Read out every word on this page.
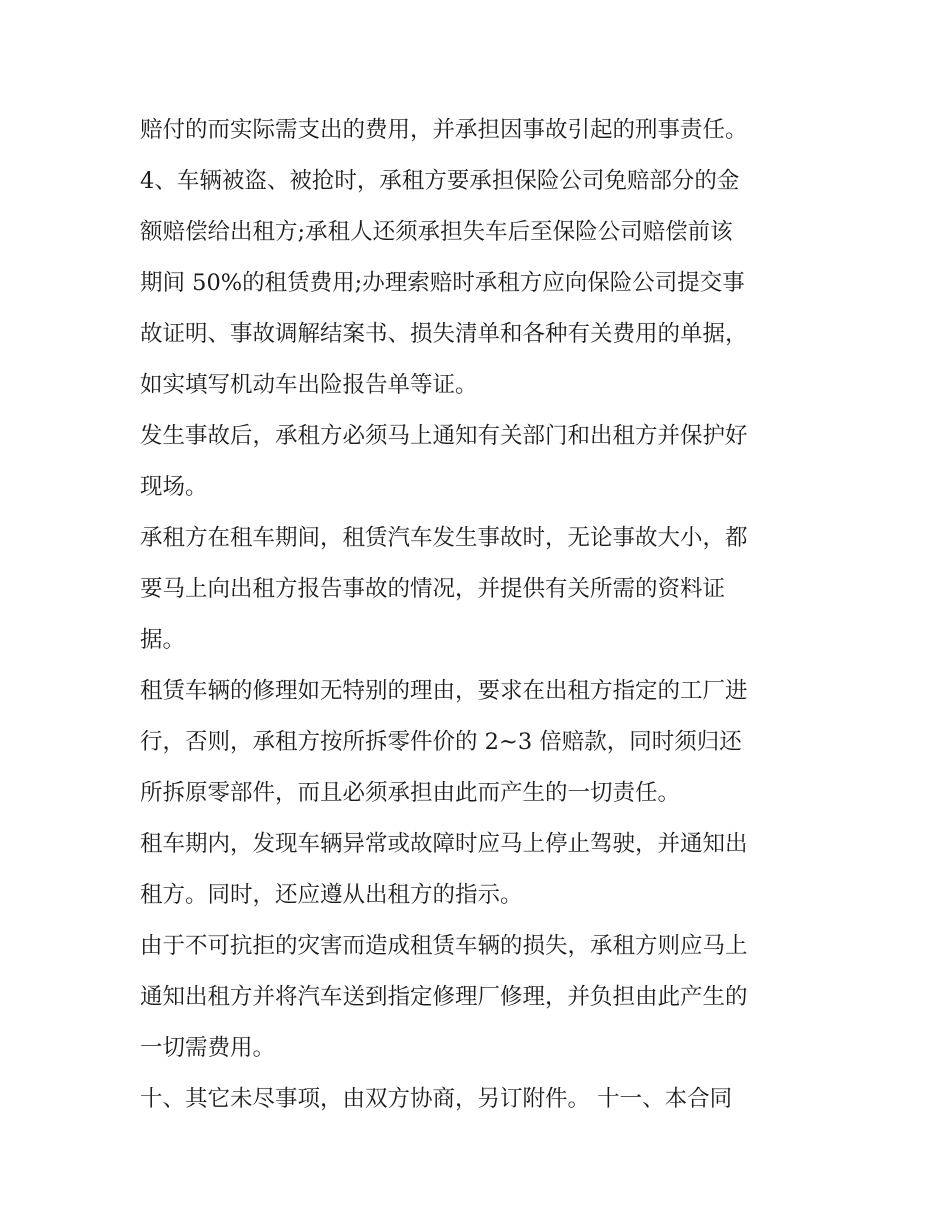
赔付的而实际需支出的费用，并承担因事故引起的刑事责任。

4、车辆被盗、被抢时，承租方要承担保险公司免赔部分的金
额赔偿给出租方;承租人还须承担失车后至保险公司赔偿前该
期间 50%的租赁费用;办理索赔时承租方应向保险公司提交事
故证明、事故调解结案书、损失清单和各种有关费用的单据，
如实填写机动车出险报告单等证。

发生事故后，承租方必须马上通知有关部门和出租方并保护好
现场。

承租方在租车期间，租赁汽车发生事故时，无论事故大小，都
要马上向出租方报告事故的情况，并提供有关所需的资料证
据。

租赁车辆的修理如无特别的理由，要求在出租方指定的工厂进
行，否则，承租方按所拆零件价的 2~3 倍赔款，同时须归还
所拆原零部件，而且必须承担由此而产生的一切责任。

租车期内，发现车辆异常或故障时应马上停止驾驶，并通知出
租方。同时，还应遵从出租方的指示。

由于不可抗拒的灾害而造成租赁车辆的损失，承租方则应马上
通知出租方并将汽车送到指定修理厂修理，并负担由此产生的
一切需费用。

十、其它未尽事项，由双方协商，另订附件。 十一、本合同
